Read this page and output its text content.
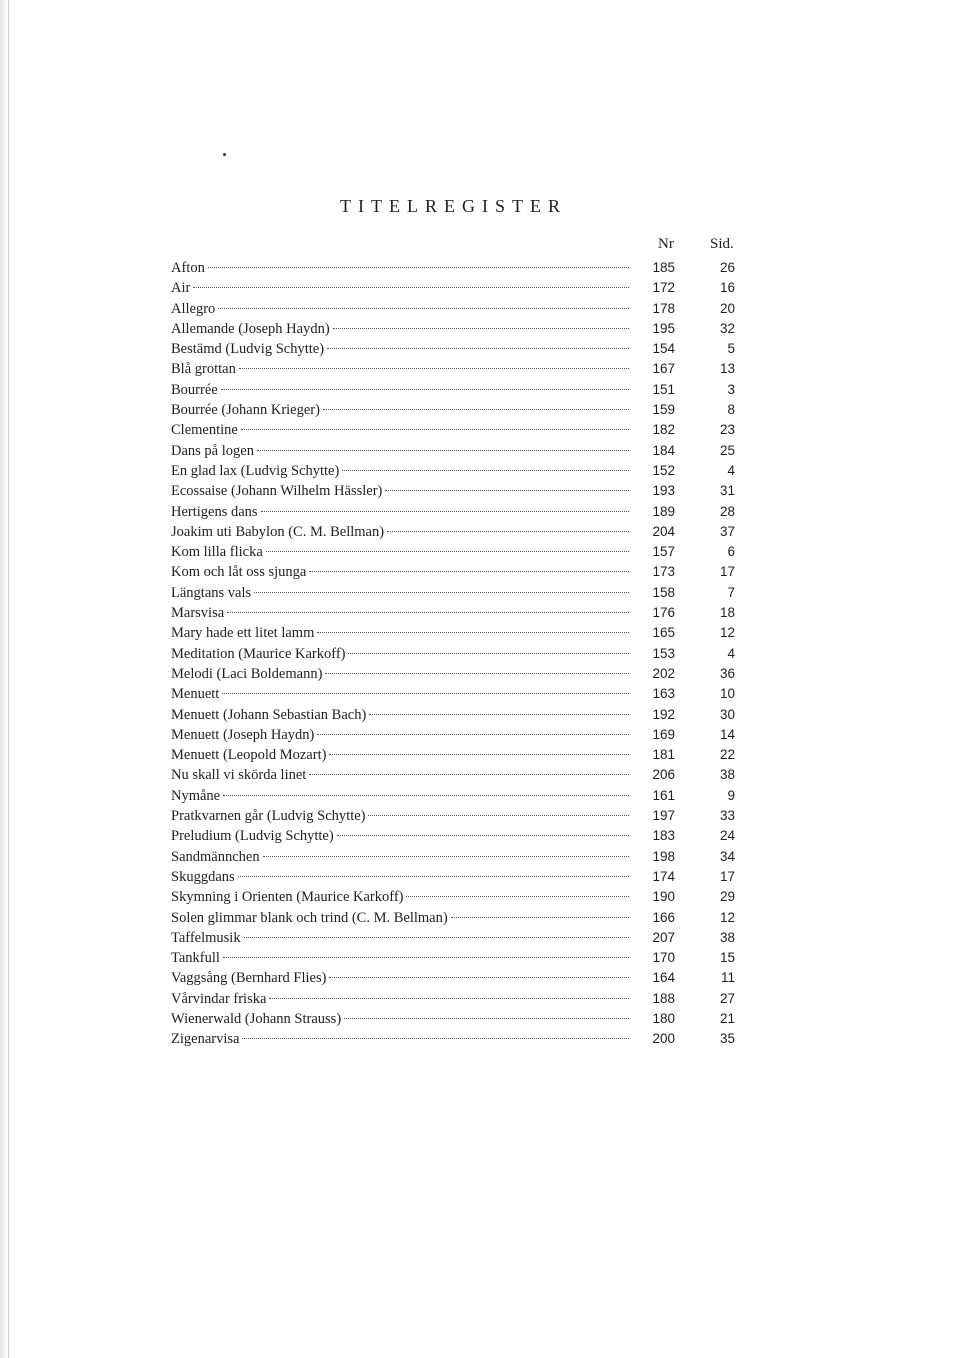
TITELREGISTER
Nr Sid.
Afton	185	26
Air	172	16
Allegro	178	20
Allemande (Joseph Haydn)	195	32
Bestämd (Ludvig Schytte)	154	5
Blå grottan	167	13
Bourrée	151	3
Bourrée (Johann Krieger)	159	8
Clementine	182	23
Dans på logen	184	25
En glad lax (Ludvig Schytte)	152	4
Ecossaise (Johann Wilhelm Hässler)	193	31
Hertigens dans	189	28
Joakim uti Babylon (C. M. Bellman)	204	37
Kom lilla flicka	157	6
Kom och låt oss sjunga	173	17
Längtans vals	158	7
Marsvisa	176	18
Mary hade ett litet lamm	165	12
Meditation (Maurice Karkoff)	153	4
Melodi (Laci Boldemann)	202	36
Menuett	163	10
Menuett (Johann Sebastian Bach)	192	30
Menuett (Joseph Haydn)	169	14
Menuett (Leopold Mozart)	181	22
Nu skall vi skörda linet	206	38
Nymåne	161	9
Pratkvarnen går (Ludvig Schytte)	197	33
Preludium (Ludvig Schytte)	183	24
Sandmännchen	198	34
Skuggdans	174	17
Skymning i Orienten (Maurice Karkoff)	190	29
Solen glimmar blank och trind (C. M. Bellman)	166	12
Taffelmusik	207	38
Tankfull	170	15
Vaggsång (Bernhard Flies)	164	11
Vårvindar friska	188	27
Wienerwald (Johann Strauss)	180	21
Zigenarvisa	200	35
